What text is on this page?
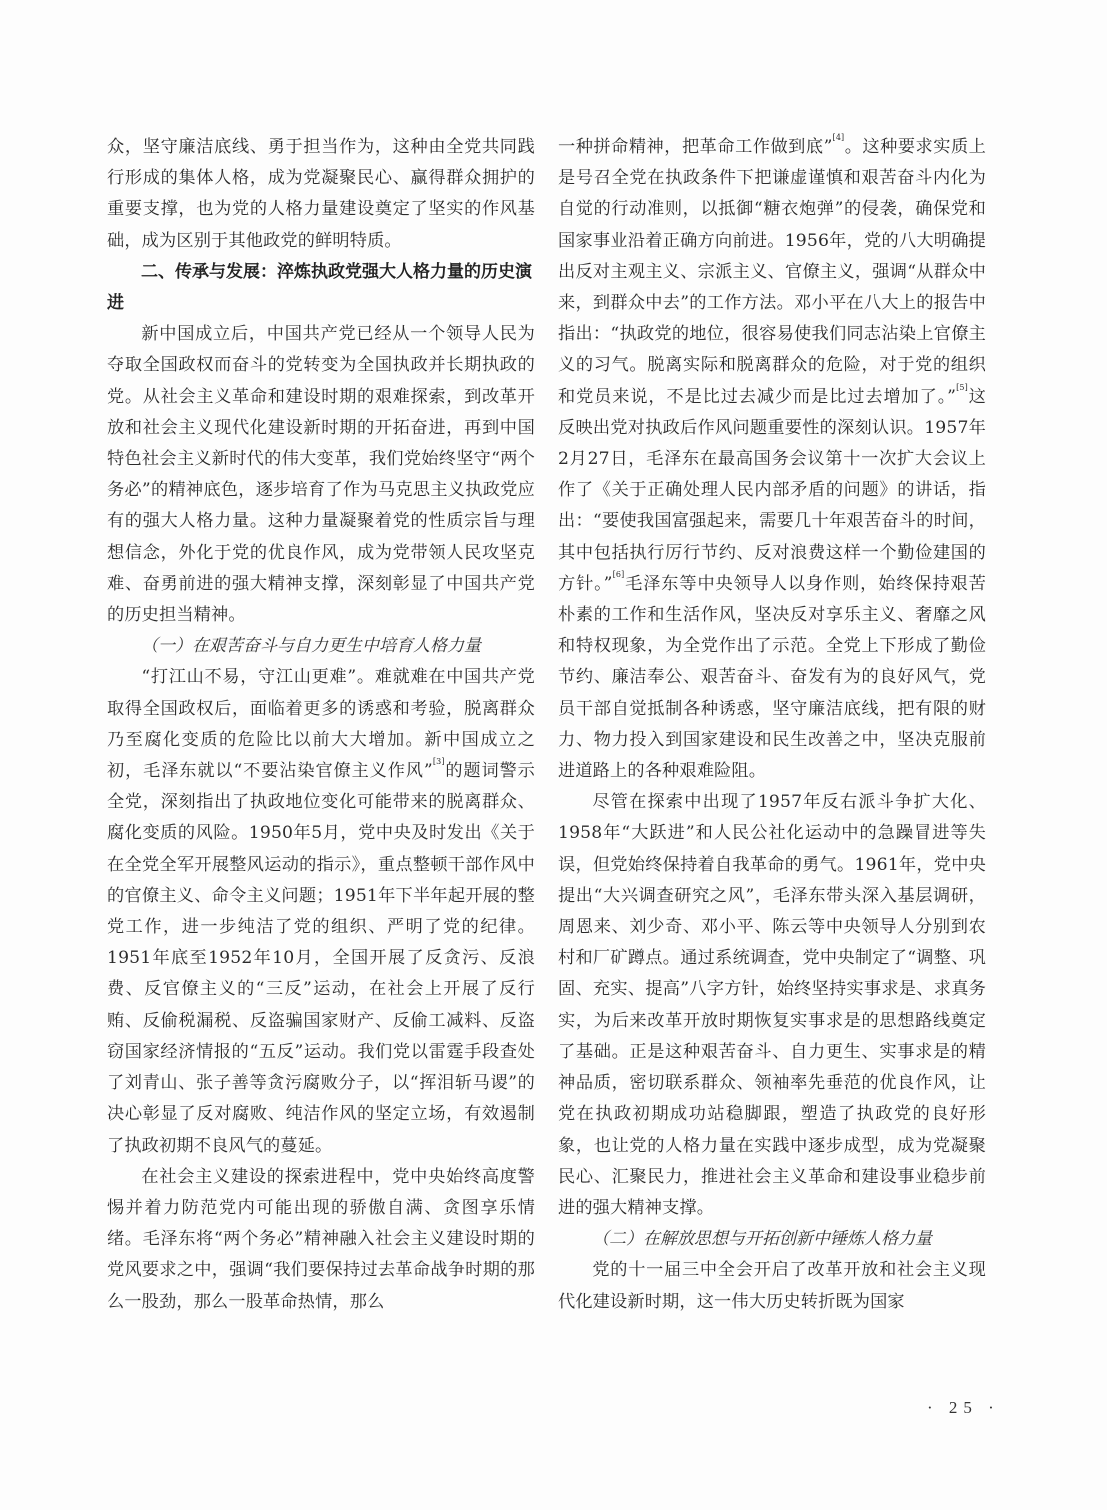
众，坚守廉洁底线、勇于担当作为，这种由全党共同践行形成的集体人格，成为党凝聚民心、赢得群众拥护的重要支撑，也为党的人格力量建设奠定了坚实的作风基础，成为区别于其他政党的鲜明特质。

二、传承与发展：淬炼执政党强大人格力量的历史演进

新中国成立后，中国共产党已经从一个领导人民为夺取全国政权而奋斗的党转变为全国执政并长期执政的党。从社会主义革命和建设时期的艰难探索，到改革开放和社会主义现代化建设新时期的开拓奋进，再到中国特色社会主义新时代的伟大变革，我们党始终坚守“两个务必”的精神底色，逐步培育了作为马克思主义执政党应有的强大人格力量。这种力量凝聚着党的性质宗旨与理想信念，外化于党的优良作风，成为党带领人民攻坚克难、奋勇前进的强大精神支撑，深刻彰显了中国共产党的历史担当精神。

（一）在艰苦奋斗与自力更生中培育人格力量

“打江山不易，守江山更难”。难就难在中国共产党取得全国政权后，面临着更多的诱惑和考验，脱离群众乃至腐化变质的危险比以前大大增加。新中国成立之初，毛泽东就以“不要沾染官僚主义作风”[3]的题词警示全党，深刻指出了执政地位变化可能带来的脱离群众、腐化变质的风险。1950年5月，党中央及时发出《关于在全党全军开展整风运动的指示》，重点整顿干部作风中的官僚主义、命令主义问题；1951年下半年起开展的整党工作，进一步纯洁了党的组织、严明了党的纪律。1951年底至1952年10月，全国开展了反贪污、反浪费、反官僚主义的“三反”运动，在社会上开展了反行贿、反偷税漏税、反盗骗国家财产、反偷工减料、反盗窃国家经济情报的“五反”运动。我们党以雷霆手段查处了刘青山、张子善等贪污腐败分子，以“挥泪斩马谡”的决心彰显了反对腐败、纯洁作风的坚定立场，有效遏制了执政初期不良风气的蔓延。

在社会主义建设的探索进程中，党中央始终高度警惕并着力防范党内可能出现的骄傲自满、贪图享乐情绪。毛泽东将“两个务必”精神融入社会主义建设时期的党风要求之中，强调“我们要保持过去革命战争时期的那么一股劲，那么一股革命热情，那么

一种拼命精神，把革命工作做到底”[4]。这种要求实质上是号召全党在执政条件下把谦虚谨慎和艰苦奋斗内化为自觉的行动准则，以抵御“糖衣炮弹”的侵袭，确保党和国家事业沿着正确方向前进。1956年，党的八大明确提出反对主观主义、宗派主义、官僚主义，强调“从群众中来，到群众中去”的工作方法。邓小平在八大上的报告中指出：“执政党的地位，很容易使我们同志沾染上官僚主义的习气。脱离实际和脱离群众的危险，对于党的组织和党员来说，不是比过去减少而是比过去增加了。”[5]这反映出党对执政后作风问题重要性的深刻认识。1957年2月27日，毛泽东在最高国务会议第十一次扩大会议上作了《关于正确处理人民内部矛盾的问题》的讲话，指出：“要使我国富强起来，需要几十年艰苦奋斗的时间，其中包括执行厉行节约、反对浪费这样一个勤俭建国的方针。”[6]毛泽东等中央领导人以身作则，始终保持艰苦朴素的工作和生活作风，坚决反对享乐主义、奢靡之风和特权现象，为全党作出了示范。全党上下形成了勤俭节约、廉洁奉公、艰苦奋斗、奋发有为的良好风气，党员干部自觉抵制各种诱惑，坚守廉洁底线，把有限的财力、物力投入到国家建设和民生改善之中，坚决克服前进道路上的各种艰难险阻。

尽管在探索中出现了1957年反右派斗争扩大化、1958年“大跃进”和人民公社化运动中的急躁冒进等失误，但党始终保持着自我革命的勇气。1961年，党中央提出“大兴调查研究之风”，毛泽东带头深入基层调研，周恩来、刘少奇、邓小平、陈云等中央领导人分别到农村和厂矿蹲点。通过系统调查，党中央制定了“调整、巩固、充实、提高”八字方针，始终坚持实事求是、求真务实，为后来改革开放时期恢复实事求是的思想路线奠定了基础。正是这种艰苦奋斗、自力更生、实事求是的精神品质，密切联系群众、领袖率先垂范的优良作风，让党在执政初期成功站稳脚跟，塑造了执政党的良好形象，也让党的人格力量在实践中逐步成型，成为党凝聚民心、汇聚民力，推进社会主义革命和建设事业稳步前进的强大精神支撑。

（二）在解放思想与开拓创新中锤炼人格力量

党的十一届三中全会开启了改革开放和社会主义现代化建设新时期，这一伟大历史转折既为国家

· 25 ·
